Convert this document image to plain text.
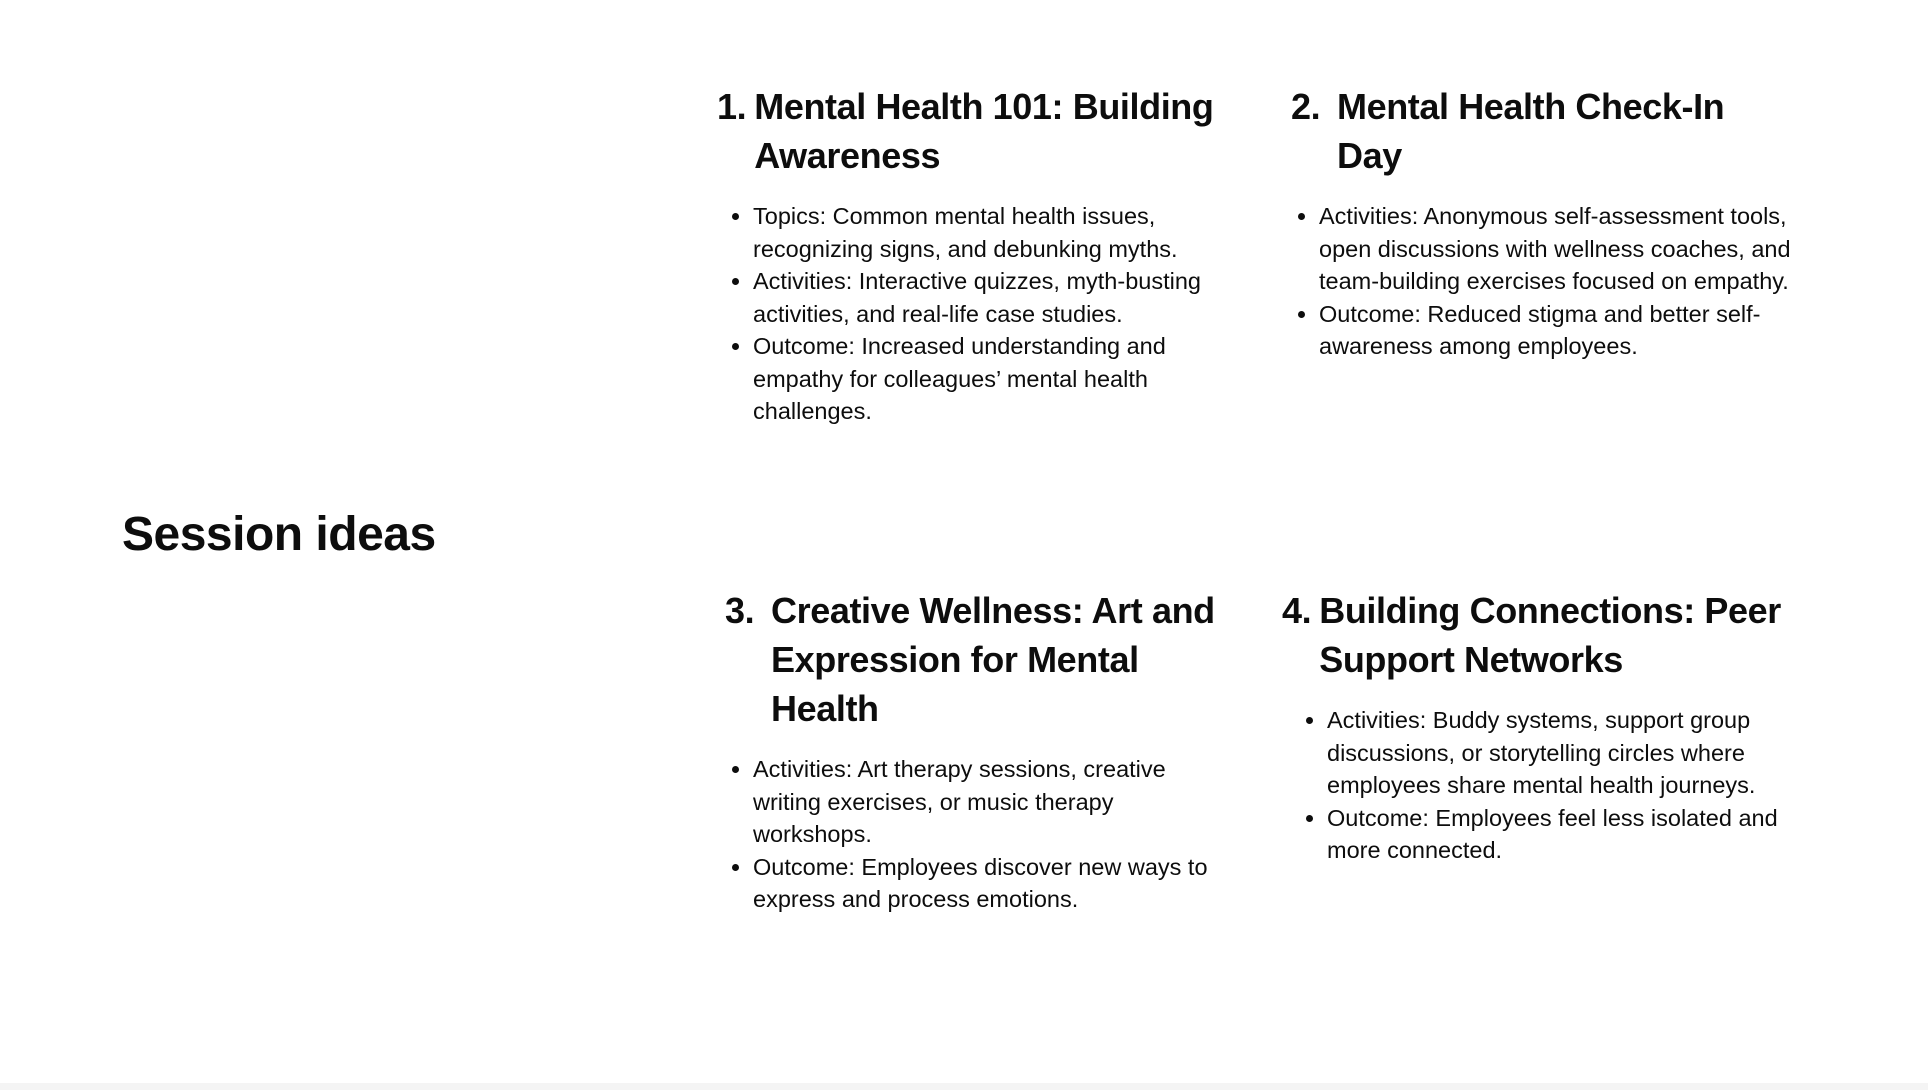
Session ideas
1. Mental Health 101: Building Awareness
• Topics: Common mental health issues, recognizing signs, and debunking myths.
• Activities: Interactive quizzes, myth-busting activities, and real-life case studies.
• Outcome: Increased understanding and empathy for colleagues’ mental health challenges.
2. Mental Health Check-In Day
• Activities: Anonymous self-assessment tools, open discussions with wellness coaches, and team-building exercises focused on empathy.
• Outcome: Reduced stigma and better self-awareness among employees.
3. Creative Wellness: Art and Expression for Mental Health
• Activities: Art therapy sessions, creative writing exercises, or music therapy workshops.
• Outcome: Employees discover new ways to express and process emotions.
4. Building Connections: Peer Support Networks
• Activities: Buddy systems, support group discussions, or storytelling circles where employees share mental health journeys.
• Outcome: Employees feel less isolated and more connected.
